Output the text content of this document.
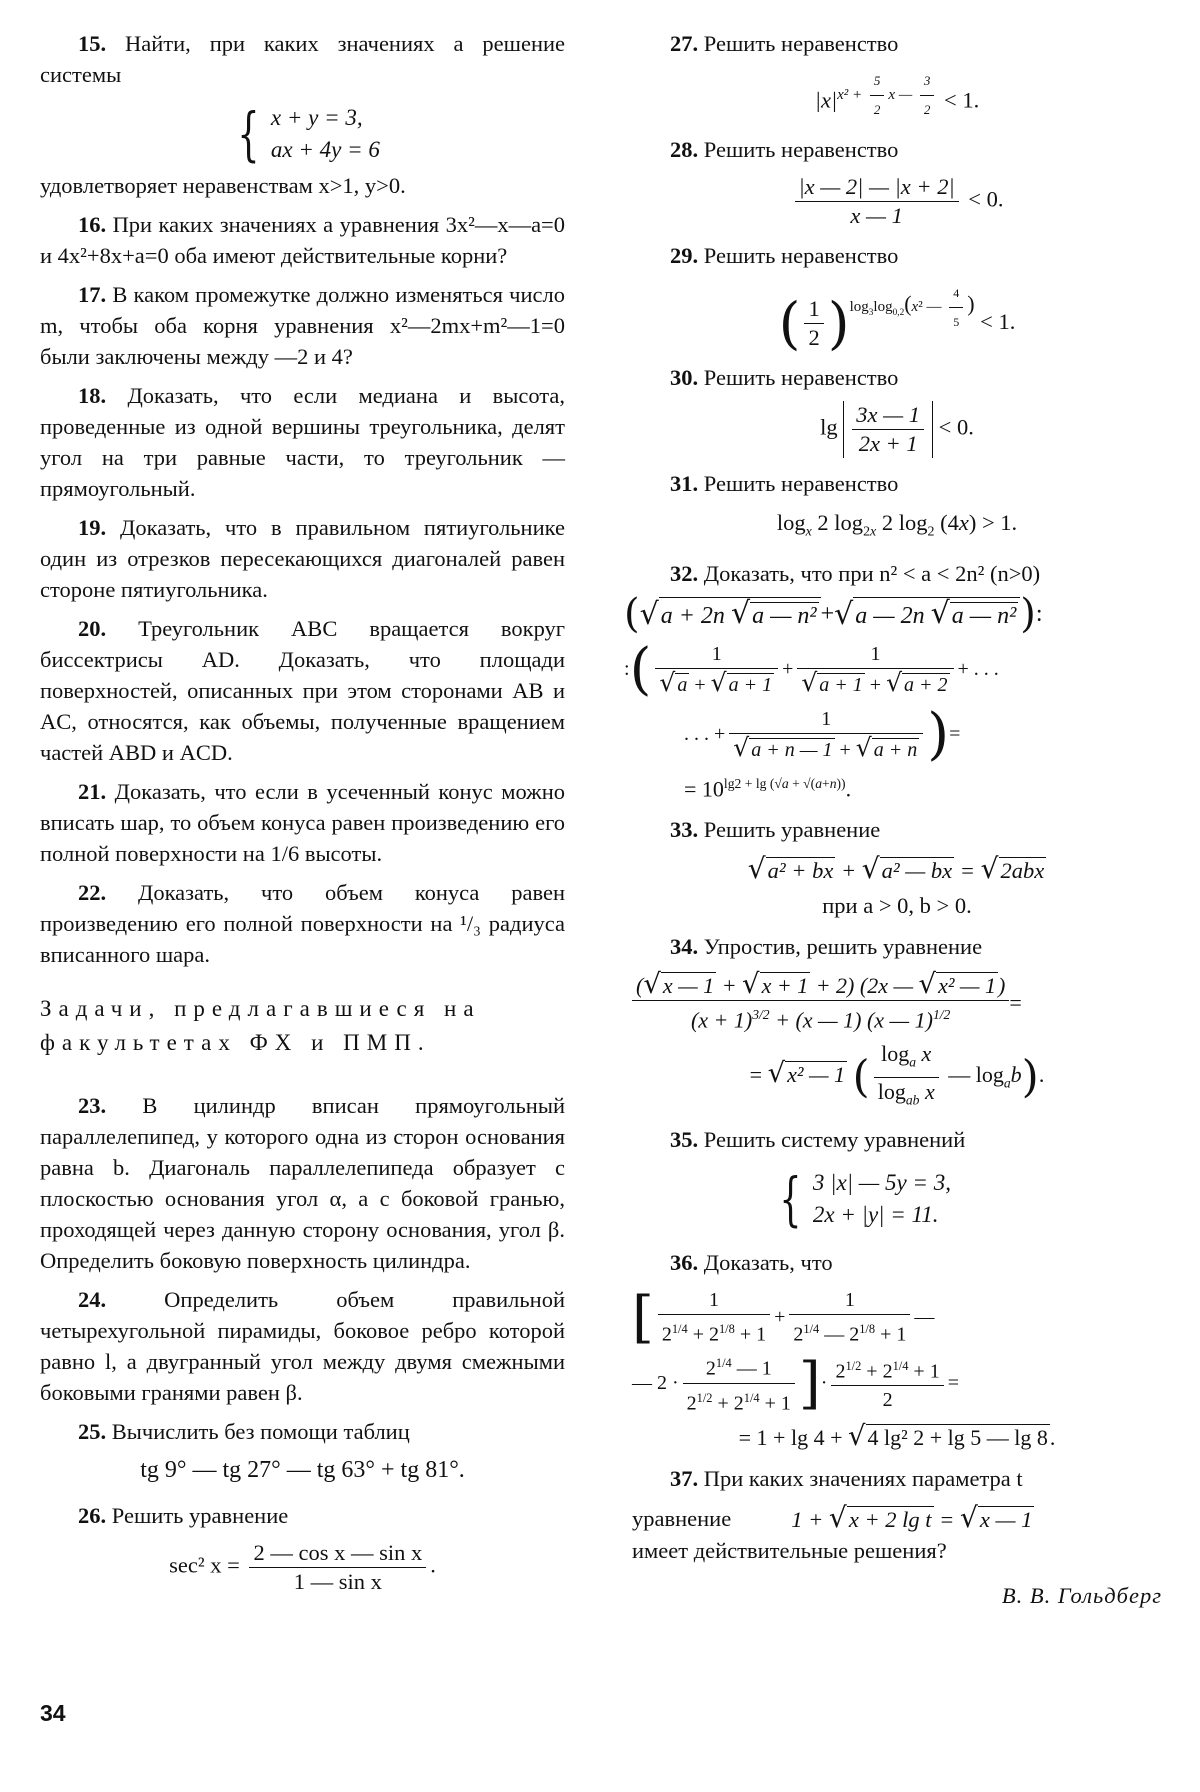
15. Найти, при каких значениях a решение системы
{ x + y = 3,
ax + 4y = 6
удовлетворяет неравенствам x>1, y>0.
16. При каких значениях a уравнения 3x²—x—a=0 и 4x²+8x+a=0 оба имеют действительные корни?
17. В каком промежутке должно изменяться число m, чтобы оба корня уравнения x²—2mx+m²—1=0 были заключены между —2 и 4?
18. Доказать, что если медиана и высота, проведенные из одной вершины треугольника, делят угол на три равные части, то треугольник — прямоугольный.
19. Доказать, что в правильном пятиугольнике один из отрезков пересекающихся диагоналей равен стороне пятиугольника.
20. Треугольник ABC вращается вокруг биссектрисы AD. Доказать, что площади поверхностей, описанных при этом сторонами AB и AC, относятся, как объемы, полученные вращением частей ABD и ACD.
21. Доказать, что если в усеченный конус можно вписать шар, то объем конуса равен произведению его полной поверхности на 1/6 высоты.
22. Доказать, что объем конуса равен произведению его полной поверхности на ¹/₃ радиуса вписанного шара.
Задачи, предлагавшиеся на факультетах ФХ и ПМП.
23. В цилиндр вписан прямоугольный параллелепипед, у которого одна из сторон основания равна b. Диагональ параллелепипеда образует с плоскостью основания угол α, а с боковой гранью, проходящей через данную сторону основания, угол β. Определить боковую поверхность цилиндра.
24.	Определить объем правильной четырехугольной пирамиды, боковое ребро которой равно l, а двугранный угол между двумя смежными боковыми гранями равен β.
25. Вычислить без помощи таблиц
tg 9° — tg 27° — tg 63° + tg 81°.
26. Решить уравнение
sec² $x = \frac{\text{2 — cos x — sin x}}{\text{1 — sin x}}$ .
34
27. Решить неравенство
$|x|^{x^2 + \frac{5}{2} x — \frac{3}{2}} < 1$.
28. Решить неравенство
$\frac{|x — 2| — |x + 2|}{x — 1} < 0$.
29. Решить неравенство
( $\frac{1}{2} )^{log_3log_{0,2}(x^2 — \frac{4}{5} )} < 1$.
30. Решить неравенство
$\lg \frac{3x — 1}{2x + 1} < 0$.
31. Решить неравенство
$\log_x 2$ $\log_{2x} 2$ $\log_2 (4x) > 1$.
32. Доказать, что при n² < a < 2n² (n>0)
( √ a + 2n √a — n² + √ a — 2n √a — n² ) :
: ( $\frac{1}{√ a + √ a + 1} + \frac{1}{√ a + 1 + √ a + 2}$ + . . .
. . . + $\frac{1}{√ a + n — 1 + √ a + n}$ ) =
= $10^{lg2 + lg (√a + √(a+n))}$.
33. Решить уравнение
√a² + bx + √a² — bx = √2abx
при a > 0, b > 0.
34. Упростив, решить уравнение
$\frac{\text{(√x — 1 + √x + 1 + 2) (2x — √x² — 1)}}{(x + 1)^{3/2} + (x — 1) (x — 1)^{1/2}}$ =
= √x² — 1 ( $\frac{\log_a x}{\log_{ab} x}$ — $\log_ab$).
35. Решить систему уравнений
{ 3 |x| — 5y = 3,
2x + |y| = 11.
36. Доказать, что
[ $\frac{1}{2^{1/4} + 2^{1/8} + 1} + \frac{1}{2^{1/4} — 2^{1/8} + 1}$ —
— $2 \cdot \frac{2^{1/4} — 1}{2^{1/2} + 2^{1/4} + 1}$ ] · $\frac{2^{1/2} + 2^{1/4} + 1}{2}$ =
= 1 + lg 4 + √4 lg² 2 + lg 5 — lg 8.
37. При каких значениях параметра t
уравнение	1 + √x + 2 lg t = √x — 1
имеет действительные решения?
В. В. Гольдберг
